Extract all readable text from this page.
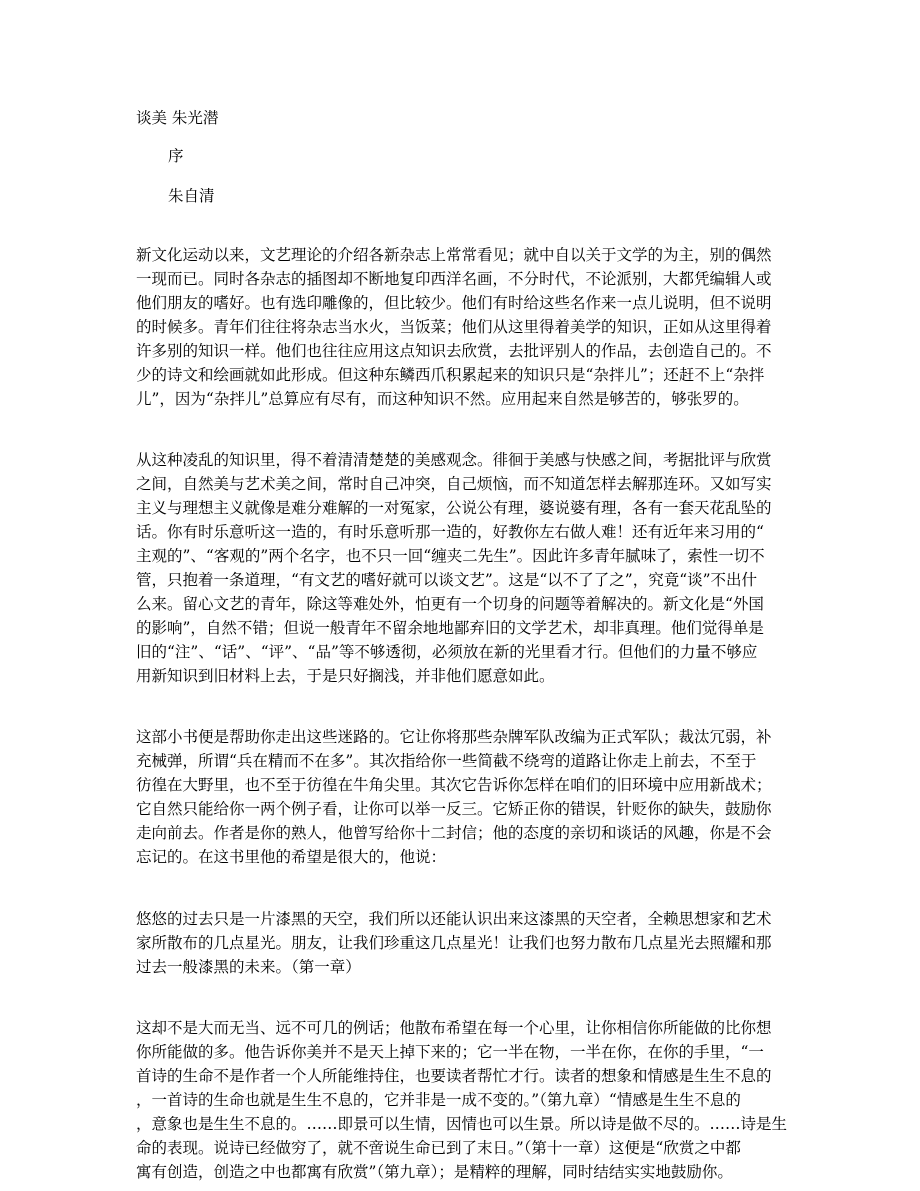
谈美 朱光潜
序
朱自清
新文化运动以来，文艺理论的介绍各新杂志上常常看见；就中自以关于文学的为主，别的偶然
一现而已。同时各杂志的插图却不断地复印西洋名画，不分时代，不论派别，大都凭编辑人或
他们朋友的嗜好。也有选印雕像的，但比较少。他们有时给这些名作来一点儿说明，但不说明
的时候多。青年们往往将杂志当水火，当饭菜；他们从这里得着美学的知识，正如从这里得着
许多别的知识一样。他们也往往应用这点知识去欣赏，去批评别人的作品，去创造自己的。不
少的诗文和绘画就如此形成。但这种东鳞西爪积累起来的知识只是“杂拌儿”；还赶不上“杂拌
儿”，因为“杂拌儿”总算应有尽有，而这种知识不然。应用起来自然是够苦的，够张罗的。
从这种凌乱的知识里，得不着清清楚楚的美感观念。徘徊于美感与快感之间，考据批评与欣赏
之间，自然美与艺术美之间，常时自己冲突，自己烦恼，而不知道怎样去解那连环。又如写实
主义与理想主义就像是难分难解的一对冤家，公说公有理，婆说婆有理，各有一套天花乱坠的
话。你有时乐意听这一造的，有时乐意听那一造的，好教你左右做人难！还有近年来习用的“
主观的”、“客观的”两个名字，也不只一回“缠夹二先生”。因此许多青年腻味了，索性一切不
管，只抱着一条道理，“有文艺的嗜好就可以谈文艺”。这是“以不了了之”，究竟“谈”不出什
么来。留心文艺的青年，除这等难处外，怕更有一个切身的问题等着解决的。新文化是“外国
的影响”，自然不错；但说一般青年不留余地地鄙弃旧的文学艺术，却非真理。他们觉得单是
旧的“注”、“话”、“评”、“品”等不够透彻，必须放在新的光里看才行。但他们的力量不够应
用新知识到旧材料上去，于是只好搁浅，并非他们愿意如此。
这部小书便是帮助你走出这些迷路的。它让你将那些杂牌军队改编为正式军队；裁汰冗弱，补
充械弹，所谓“兵在精而不在多”。其次指给你一些简截不绕弯的道路让你走上前去，不至于
彷徨在大野里，也不至于彷徨在牛角尖里。其次它告诉你怎样在咱们的旧环境中应用新战术；
它自然只能给你一两个例子看，让你可以举一反三。它矫正你的错误，针贬你的缺失，鼓励你
走向前去。作者是你的熟人，他曾写给你十二封信；他的态度的亲切和谈话的风趣，你是不会
忘记的。在这书里他的希望是很大的，他说：
悠悠的过去只是一片漆黑的天空，我们所以还能认识出来这漆黑的天空者，全赖思想家和艺术
家所散布的几点星光。朋友，让我们珍重这几点星光！让我们也努力散布几点星光去照耀和那
过去一般漆黑的未来。（第一章）
这却不是大而无当、远不可几的例话；他散布希望在每一个心里，让你相信你所能做的比你想
你所能做的多。他告诉你美并不是天上掉下来的；它一半在物，一半在你，在你的手里，“一
首诗的生命不是作者一个人所能维持住，也要读者帮忙才行。读者的想象和情感是生生不息的
，一首诗的生命也就是生生不息的，它并非是一成不变的。”（第九章）“情感是生生不息的
，意象也是生生不息的。……即景可以生情，因情也可以生景。所以诗是做不尽的。……诗是生
命的表现。说诗已经做穷了，就不啻说生命已到了末日。”（第十一章）这便是“欣赏之中都
寓有创造，创造之中也都寓有欣赏”（第九章）；是精粹的理解，同时结结实实地鼓励你。
